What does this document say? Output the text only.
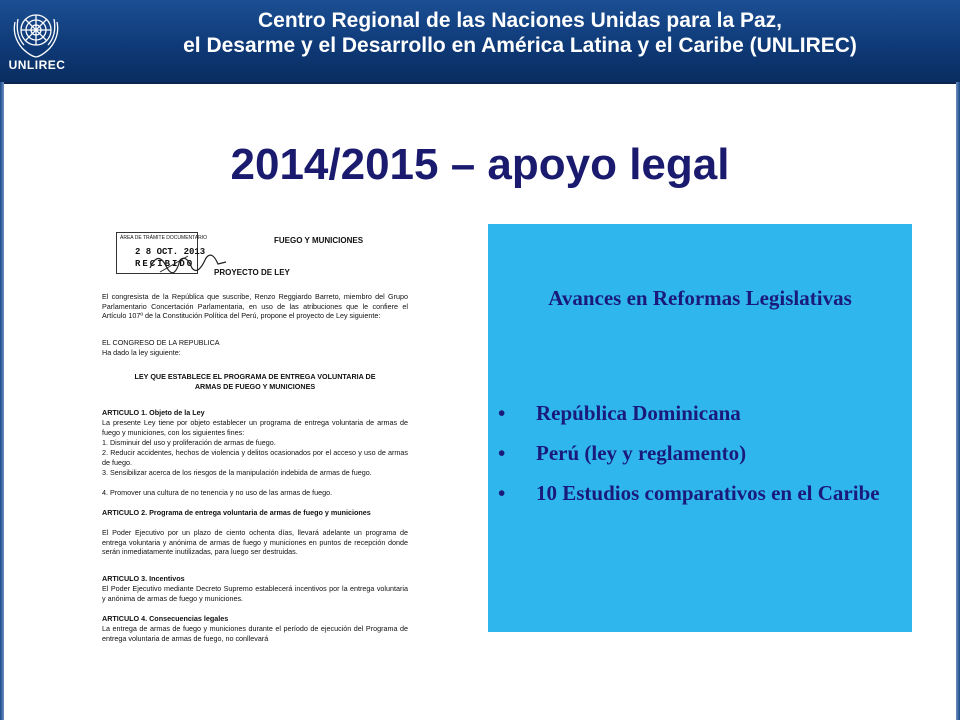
UNLIREC
Centro Regional de las Naciones Unidas para la Paz,
el Desarme y el Desarrollo en América Latina y el Caribe (UNLIREC)
2014/2015 – apoyo legal
ÁREA DE TRÁMITE DOCUMENTARIO
2 8 OCT. 2013
RECIBIDO
FUEGO Y MUNICIONES
PROYECTO DE LEY

El congresista de la República que suscribe, Renzo Reggiardo Barreto, miembro del Grupo Parlamentario Concertación Parlamentaria, en uso de las atribuciones que le confiere el Artículo 107º de la Constitución Política del Perú, propone el proyecto de Ley siguiente:

EL CONGRESO DE LA REPUBLICA

Ha dado la ley siguiente:

LEY QUE ESTABLECE EL PROGRAMA DE ENTREGA VOLUNTARIA DE
ARMAS DE FUEGO Y MUNICIONES

ARTICULO 1. Objeto de la Ley

La presente Ley tiene por objeto establecer un programa de entrega voluntaria de armas de fuego y municiones, con los siguientes fines:

1. Disminuir del uso y proliferación de armas de fuego.

2. Reducir accidentes, hechos de violencia y delitos ocasionados por el acceso y uso de armas de fuego.

3. Sensibilizar acerca de los riesgos de la manipulación indebida de armas de fuego.

4. Promover una cultura de no tenencia y no uso de las armas de fuego.

ARTICULO 2. Programa de entrega voluntaria de armas de fuego y municiones

El Poder Ejecutivo por un plazo de ciento ochenta días, llevará adelante un programa de entrega voluntaria y anónima de armas de fuego y municiones en puntos de recepción donde serán inmediatamente inutilizadas, para luego ser destruidas.

ARTICULO 3. Incentivos

El Poder Ejecutivo mediante Decreto Supremo establecerá incentivos por la entrega voluntaria y anónima de armas de fuego y municiones.

ARTICULO 4. Consecuencias legales

La entrega de armas de fuego y municiones durante el período de ejecución del Programa de entrega voluntaria de armas de fuego, no conllevará

Avances en Reformas Legislativas
• República Dominicana
• Perú (ley y reglamento)
• 10 Estudios comparativos en el Caribe
